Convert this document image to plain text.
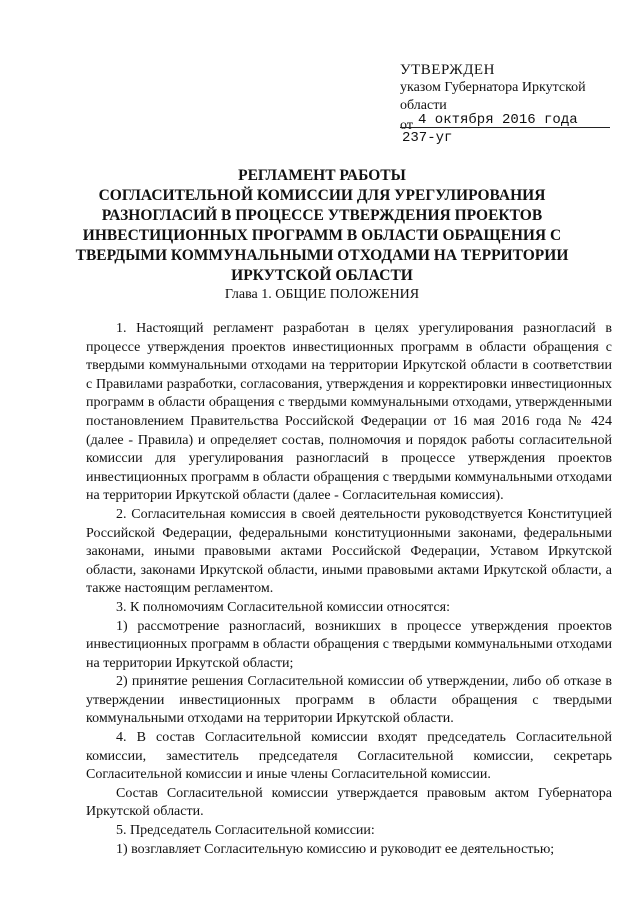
УТВЕРЖДЕН
указом Губернатора Иркутской
области
от 4 октября 2016 года
237-уг
РЕГЛАМЕНТ РАБОТЫ
СОГЛАСИТЕЛЬНОЙ КОМИССИИ ДЛЯ УРЕГУЛИРОВАНИЯ
РАЗНОГЛАСИЙ В ПРОЦЕССЕ УТВЕРЖДЕНИЯ ПРОЕКТОВ
ИНВЕСТИЦИОННЫХ ПРОГРАММ В ОБЛАСТИ ОБРАЩЕНИЯ С
ТВЕРДЫМИ КОММУНАЛЬНЫМИ ОТХОДАМИ НА ТЕРРИТОРИИ
ИРКУТСКОЙ ОБЛАСТИ
Глава 1. ОБЩИЕ ПОЛОЖЕНИЯ

1. Настоящий регламент разработан в целях урегулирования разногласий в процессе утверждения проектов инвестиционных программ в области обращения с твердыми коммунальными отходами на территории Иркутской области в соответствии с Правилами разработки, согласования, утверждения и корректировки инвестиционных программ в области обращения с твердыми коммунальными отходами, утвержденными постановлением Правительства Российской Федерации от 16 мая 2016 года № 424 (далее - Правила) и определяет состав, полномочия и порядок работы согласительной комиссии для урегулирования разногласий в процессе утверждения проектов инвестиционных программ в области обращения с твердыми коммунальными отходами на территории Иркутской области (далее - Согласительная комиссия).

2. Согласительная комиссия в своей деятельности руководствуется Конституцией Российской Федерации, федеральными конституционными законами, федеральными законами, иными правовыми актами Российской Федерации, Уставом Иркутской области, законами Иркутской области, иными правовыми актами Иркутской области, а также настоящим регламентом.

3. К полномочиям Согласительной комиссии относятся:

1) рассмотрение разногласий, возникших в процессе утверждения проектов инвестиционных программ в области обращения с твердыми коммунальными отходами на территории Иркутской области;

2) принятие решения Согласительной комиссии об утверждении, либо об отказе в утверждении инвестиционных программ в области обращения с твердыми коммунальными отходами на территории Иркутской области.

4. В состав Согласительной комиссии входят председатель Согласительной комиссии, заместитель председателя Согласительной комиссии, секретарь Согласительной комиссии и иные члены Согласительной комиссии.

Состав Согласительной комиссии утверждается правовым актом Губернатора Иркутской области.

5. Председатель Согласительной комиссии:

1) возглавляет Согласительную комиссию и руководит ее деятельностью;
